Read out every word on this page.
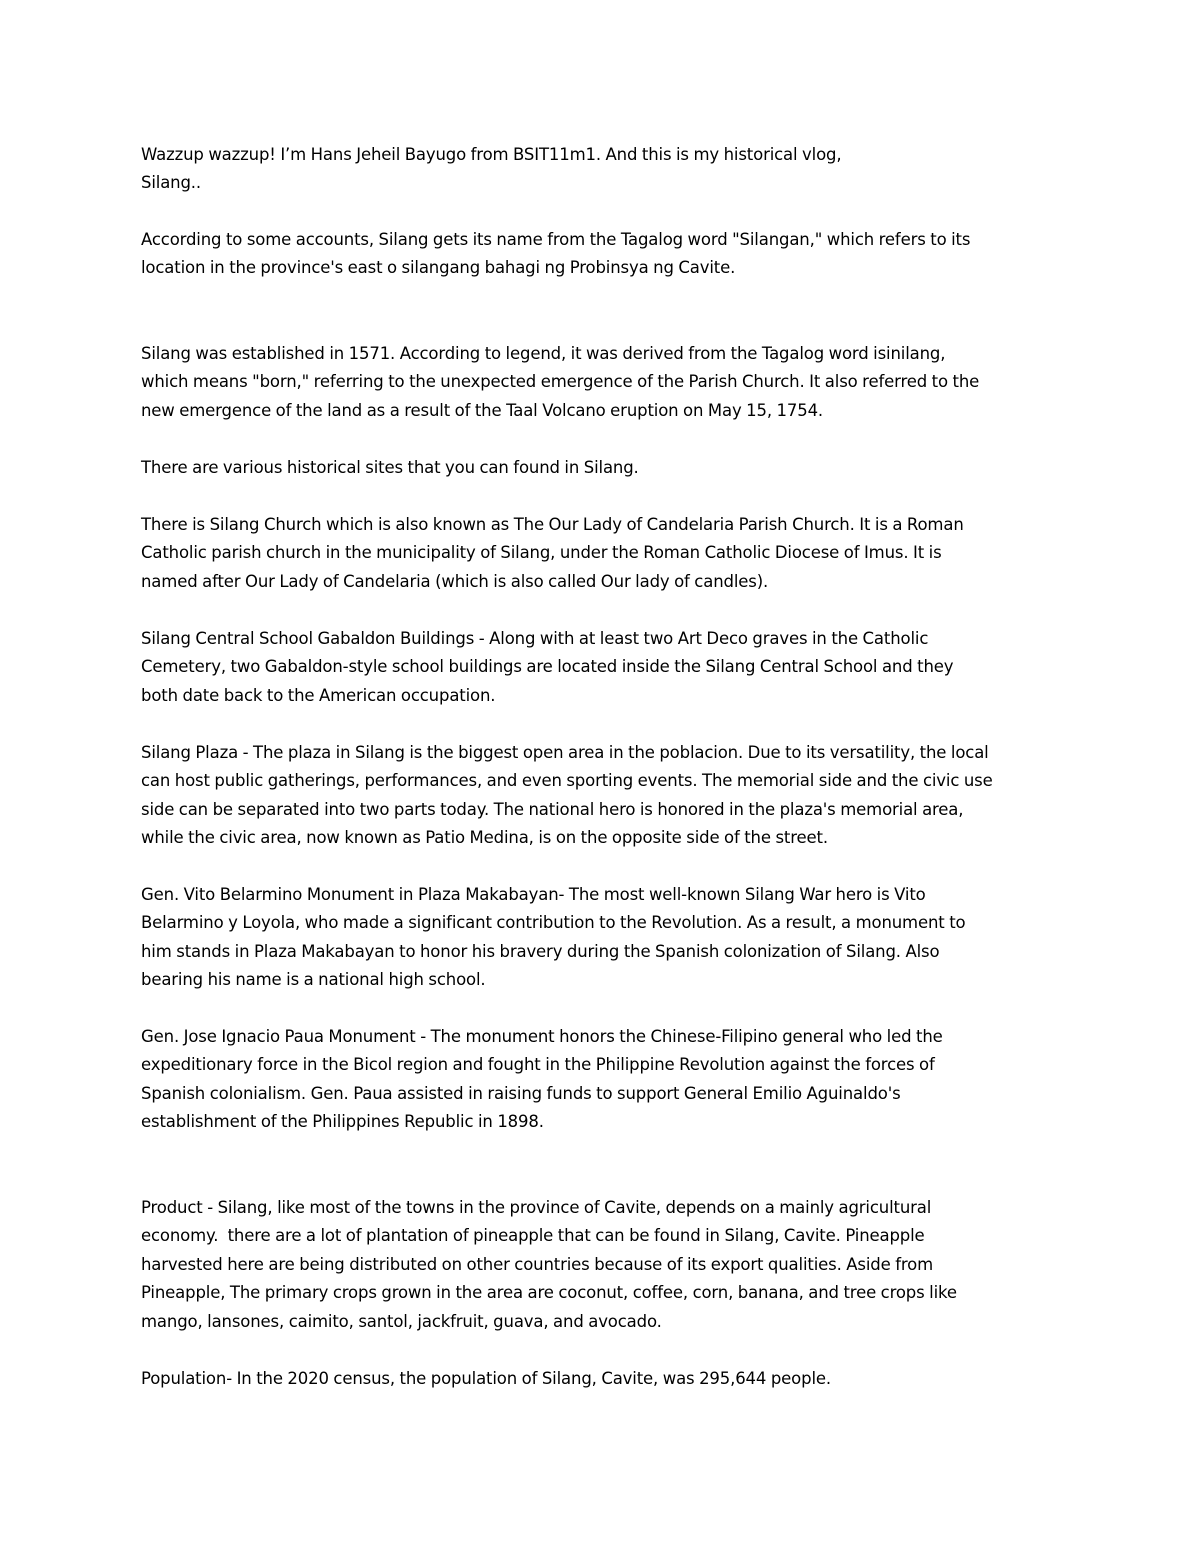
Wazzup wazzup! I’m Hans Jeheil Bayugo from BSIT11m1. And this is my historical vlog,
Silang..

According to some accounts, Silang gets its name from the Tagalog word "Silangan," which refers to its
location in the province's east o silangang bahagi ng Probinsya ng Cavite.

Silang was established in 1571. According to legend, it was derived from the Tagalog word isinilang,
which means "born," referring to the unexpected emergence of the Parish Church. It also referred to the
new emergence of the land as a result of the Taal Volcano eruption on May 15, 1754.

There are various historical sites that you can found in Silang.

There is Silang Church which is also known as The Our Lady of Candelaria Parish Church. It is a Roman
Catholic parish church in the municipality of Silang, under the Roman Catholic Diocese of Imus. It is
named after Our Lady of Candelaria (which is also called Our lady of candles).

Silang Central School Gabaldon Buildings - Along with at least two Art Deco graves in the Catholic
Cemetery, two Gabaldon-style school buildings are located inside the Silang Central School and they
both date back to the American occupation.

Silang Plaza - The plaza in Silang is the biggest open area in the poblacion. Due to its versatility, the local
can host public gatherings, performances, and even sporting events. The memorial side and the civic use
side can be separated into two parts today. The national hero is honored in the plaza's memorial area,
while the civic area, now known as Patio Medina, is on the opposite side of the street.

Gen. Vito Belarmino Monument in Plaza Makabayan- The most well-known Silang War hero is Vito
Belarmino y Loyola, who made a significant contribution to the Revolution. As a result, a monument to
him stands in Plaza Makabayan to honor his bravery during the Spanish colonization of Silang. Also
bearing his name is a national high school.

Gen. Jose Ignacio Paua Monument - The monument honors the Chinese-Filipino general who led the
expeditionary force in the Bicol region and fought in the Philippine Revolution against the forces of
Spanish colonialism. Gen. Paua assisted in raising funds to support General Emilio Aguinaldo's
establishment of the Philippines Republic in 1898.

Product - Silang, like most of the towns in the province of Cavite, depends on a mainly agricultural
economy.  there are a lot of plantation of pineapple that can be found in Silang, Cavite. Pineapple
harvested here are being distributed on other countries because of its export qualities. Aside from
Pineapple, The primary crops grown in the area are coconut, coffee, corn, banana, and tree crops like
mango, lansones, caimito, santol, jackfruit, guava, and avocado.

Population- In the 2020 census, the population of Silang, Cavite, was 295,644 people.
